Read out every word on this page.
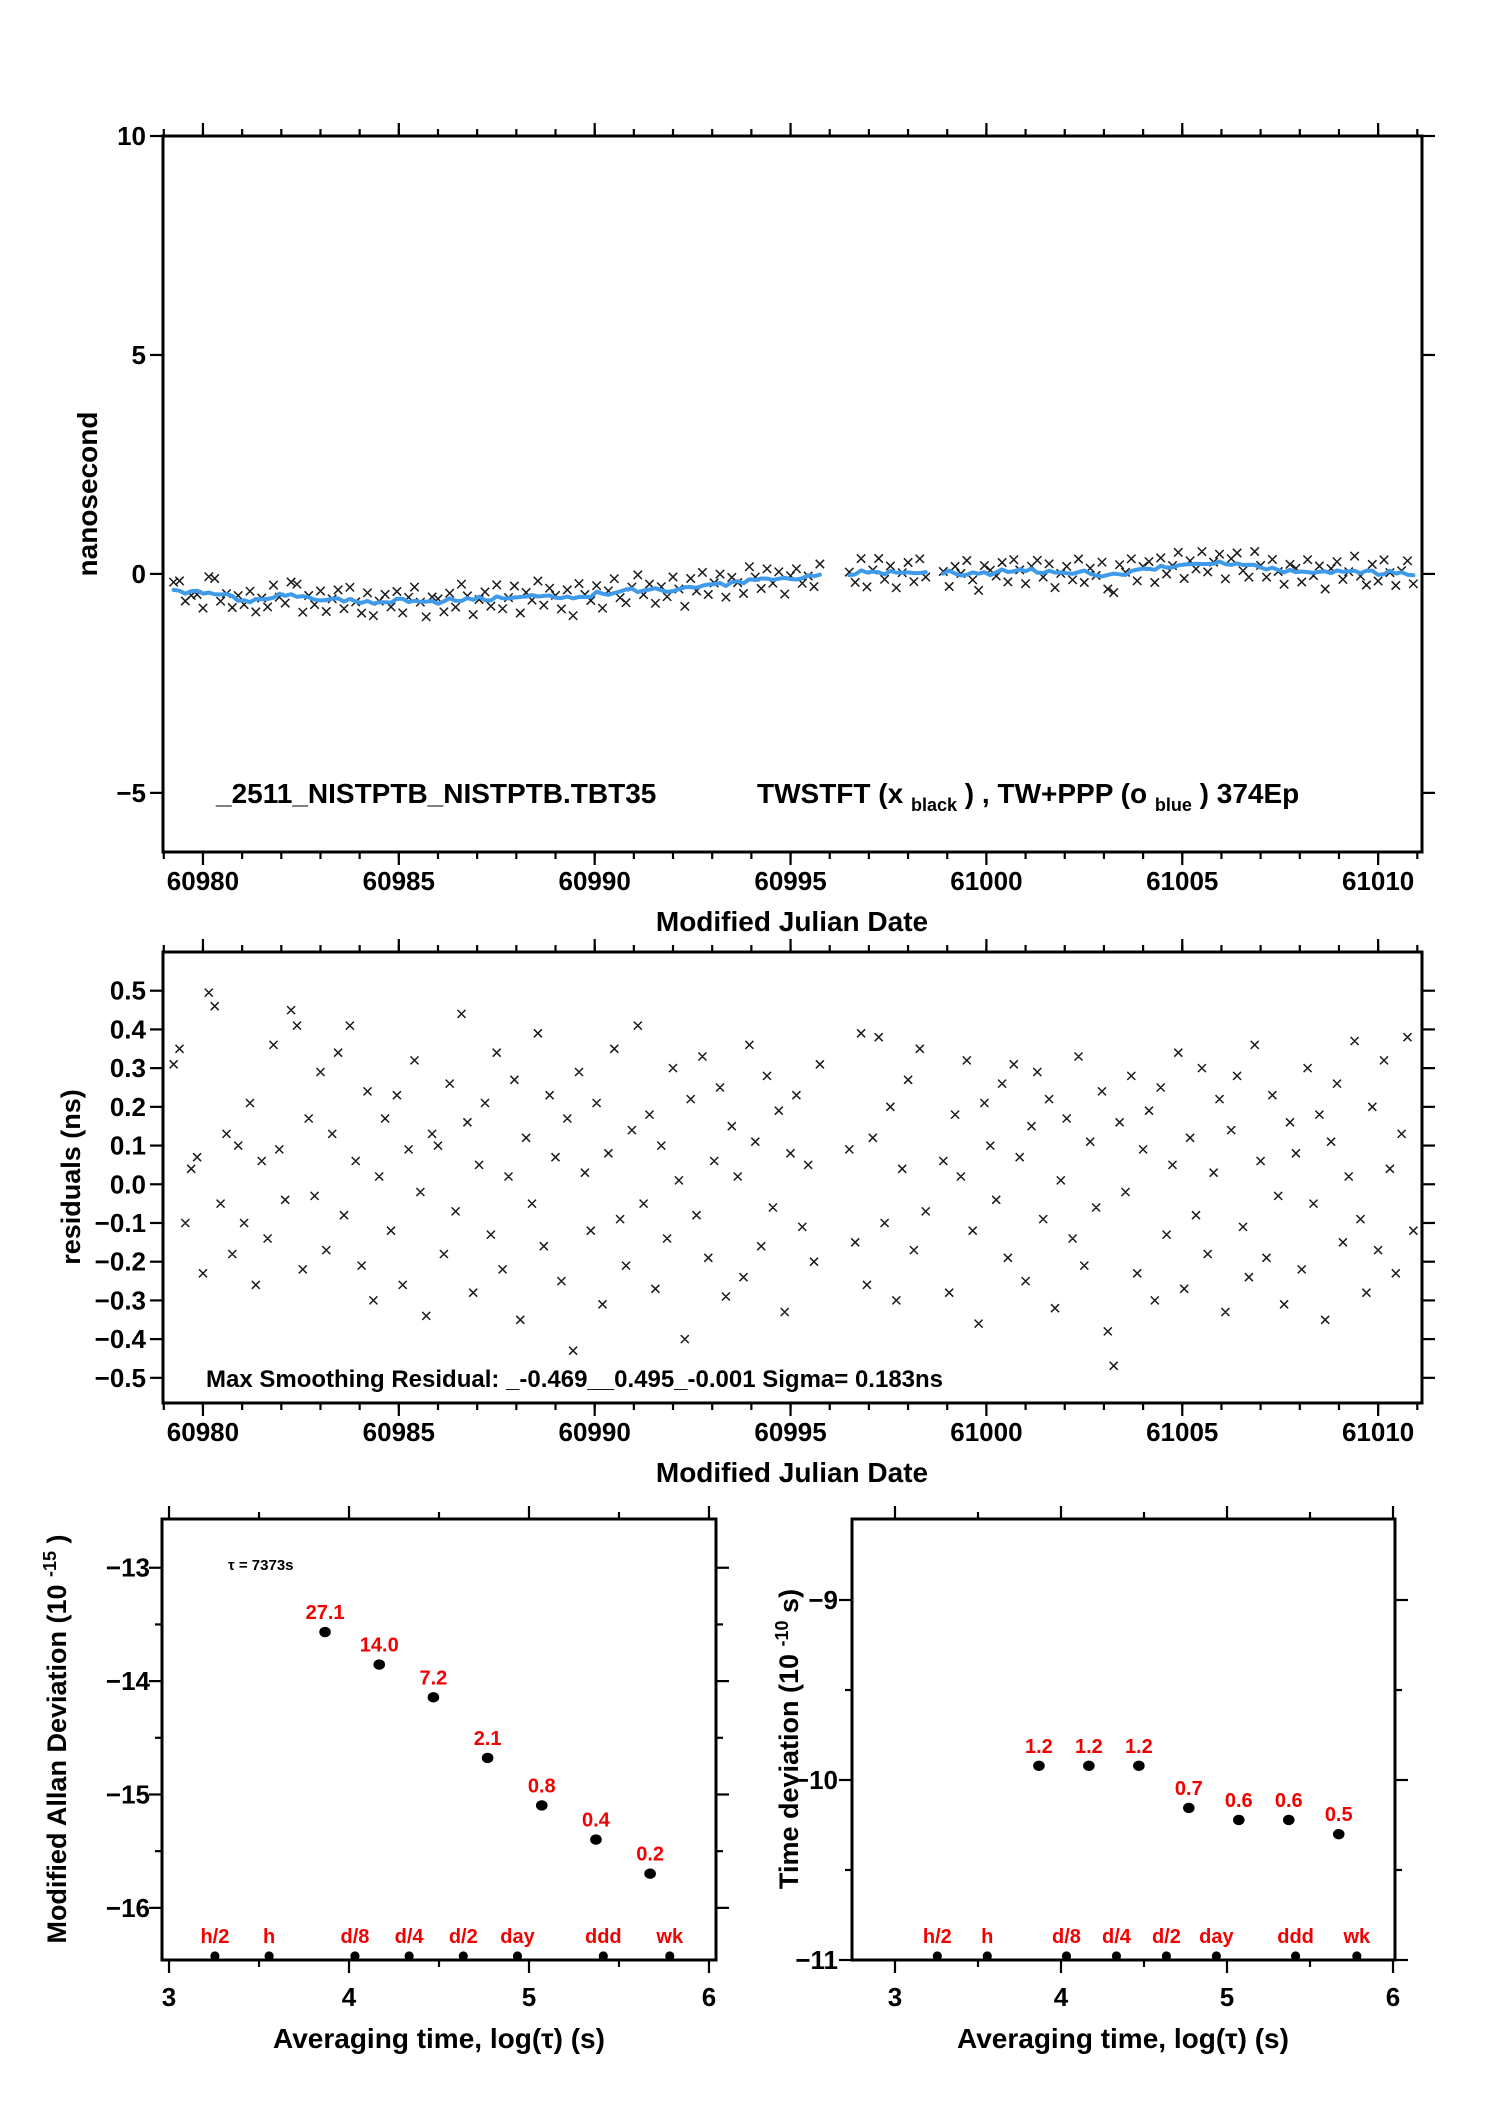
60980	60985	60990	60995	61000	61005	61010
10
5
0
−5
60980	60985	60990	60995	61000	61005	61010
0.5
0.4
0.3
0.2
0.1
0.0
−0.1
−0.2
−0.3
−0.4
−0.5
3	4	5	6
−13
−14
−15
−16
27.1
14.0
7.2
2.1
0.8
0.4
0.2
h/2 h	d/8 d/4 d/2 day	ddd wk
3	4	5	6
−9
−10
−11
1.2 1.2 1.2
0.7
0.6 0.6
0.5
h/2 h	d/8 d/4 d/2 day ddd wk
nanosecond
Modified Julian Date
_2511_NISTPTB_NISTPTB.TBT35	TWSTFT (x $_{black}$ ) , TW+PPP (o $_{blue}$ ) 374Ep
residuals (ns)
Modified Julian Date
Max Smoothing Residual: _-0.469__0.495_-0.001 Sigma= 0.183ns
Modified Allan Deviation (10 $^{-15}$ )
Averaging time, log(τ) (s)
τ = 7373s
Time deviation (10 $^{-10}$ s)
Averaging time, log(τ) (s)
